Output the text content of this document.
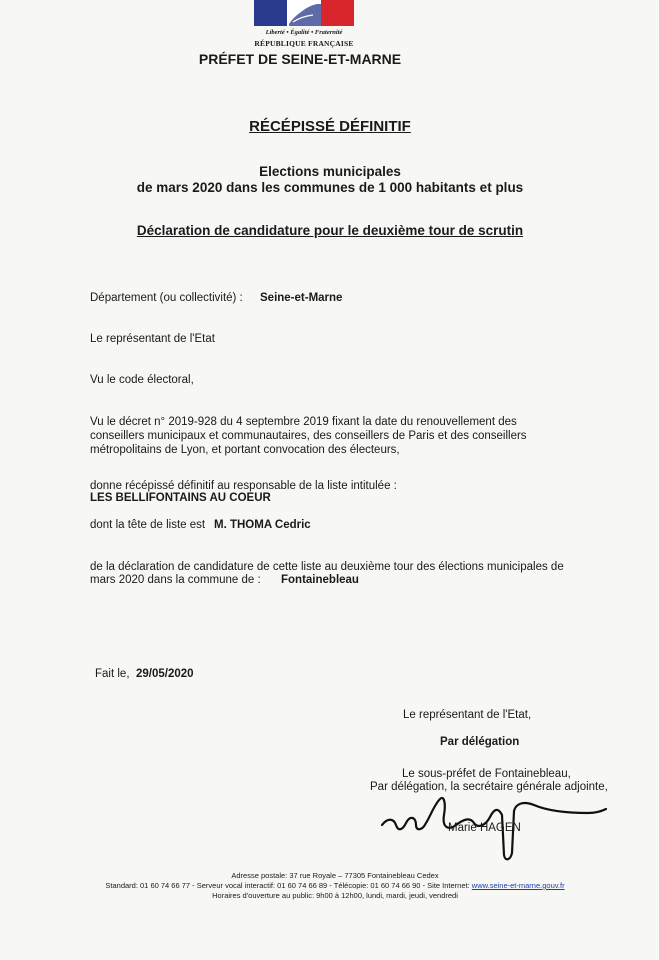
Liberté • Égalité • Fraternité
RÉPUBLIQUE FRANÇAISE
PRÉFET DE SEINE-ET-MARNE
RÉCÉPISSÉ DÉFINITIF
Elections municipales
de mars 2020 dans les communes de 1 000 habitants et plus
Déclaration de candidature pour le deuxième tour de scrutin
Département (ou collectivité) : Seine-et-Marne
Le représentant de l'Etat
Vu le code électoral,
Vu le décret n° 2019-928 du 4 septembre 2019 fixant la date du renouvellement des conseillers municipaux et communautaires, des conseillers de Paris et des conseillers métropolitains de Lyon, et portant convocation des électeurs,
donne récépissé définitif au responsable de la liste intitulée :
LES BELLIFONTAINS AU COEUR
dont la tête de liste est M. THOMA Cedric
de la déclaration de candidature de cette liste au deuxième tour des élections municipales de mars 2020 dans la commune de :	Fontainebleau
Fait le, 29/05/2020
Le représentant de l'Etat,
Par délégation
Le sous-préfet de Fontainebleau,
Par délégation, la secrétaire générale adjointe,
Marie HAGEN
Adresse postale: 37 rue Royale – 77305 Fontainebleau Cedex
Standard: 01 60 74 66 77 - Serveur vocal interactif: 01 60 74 66 89 - Télécopie: 01 60 74 66 90 - Site Internet: www.seine-et-marne.gouv.fr
Horaires d'ouverture au public: 9h00 à 12h00, lundi, mardi, jeudi, vendredi
